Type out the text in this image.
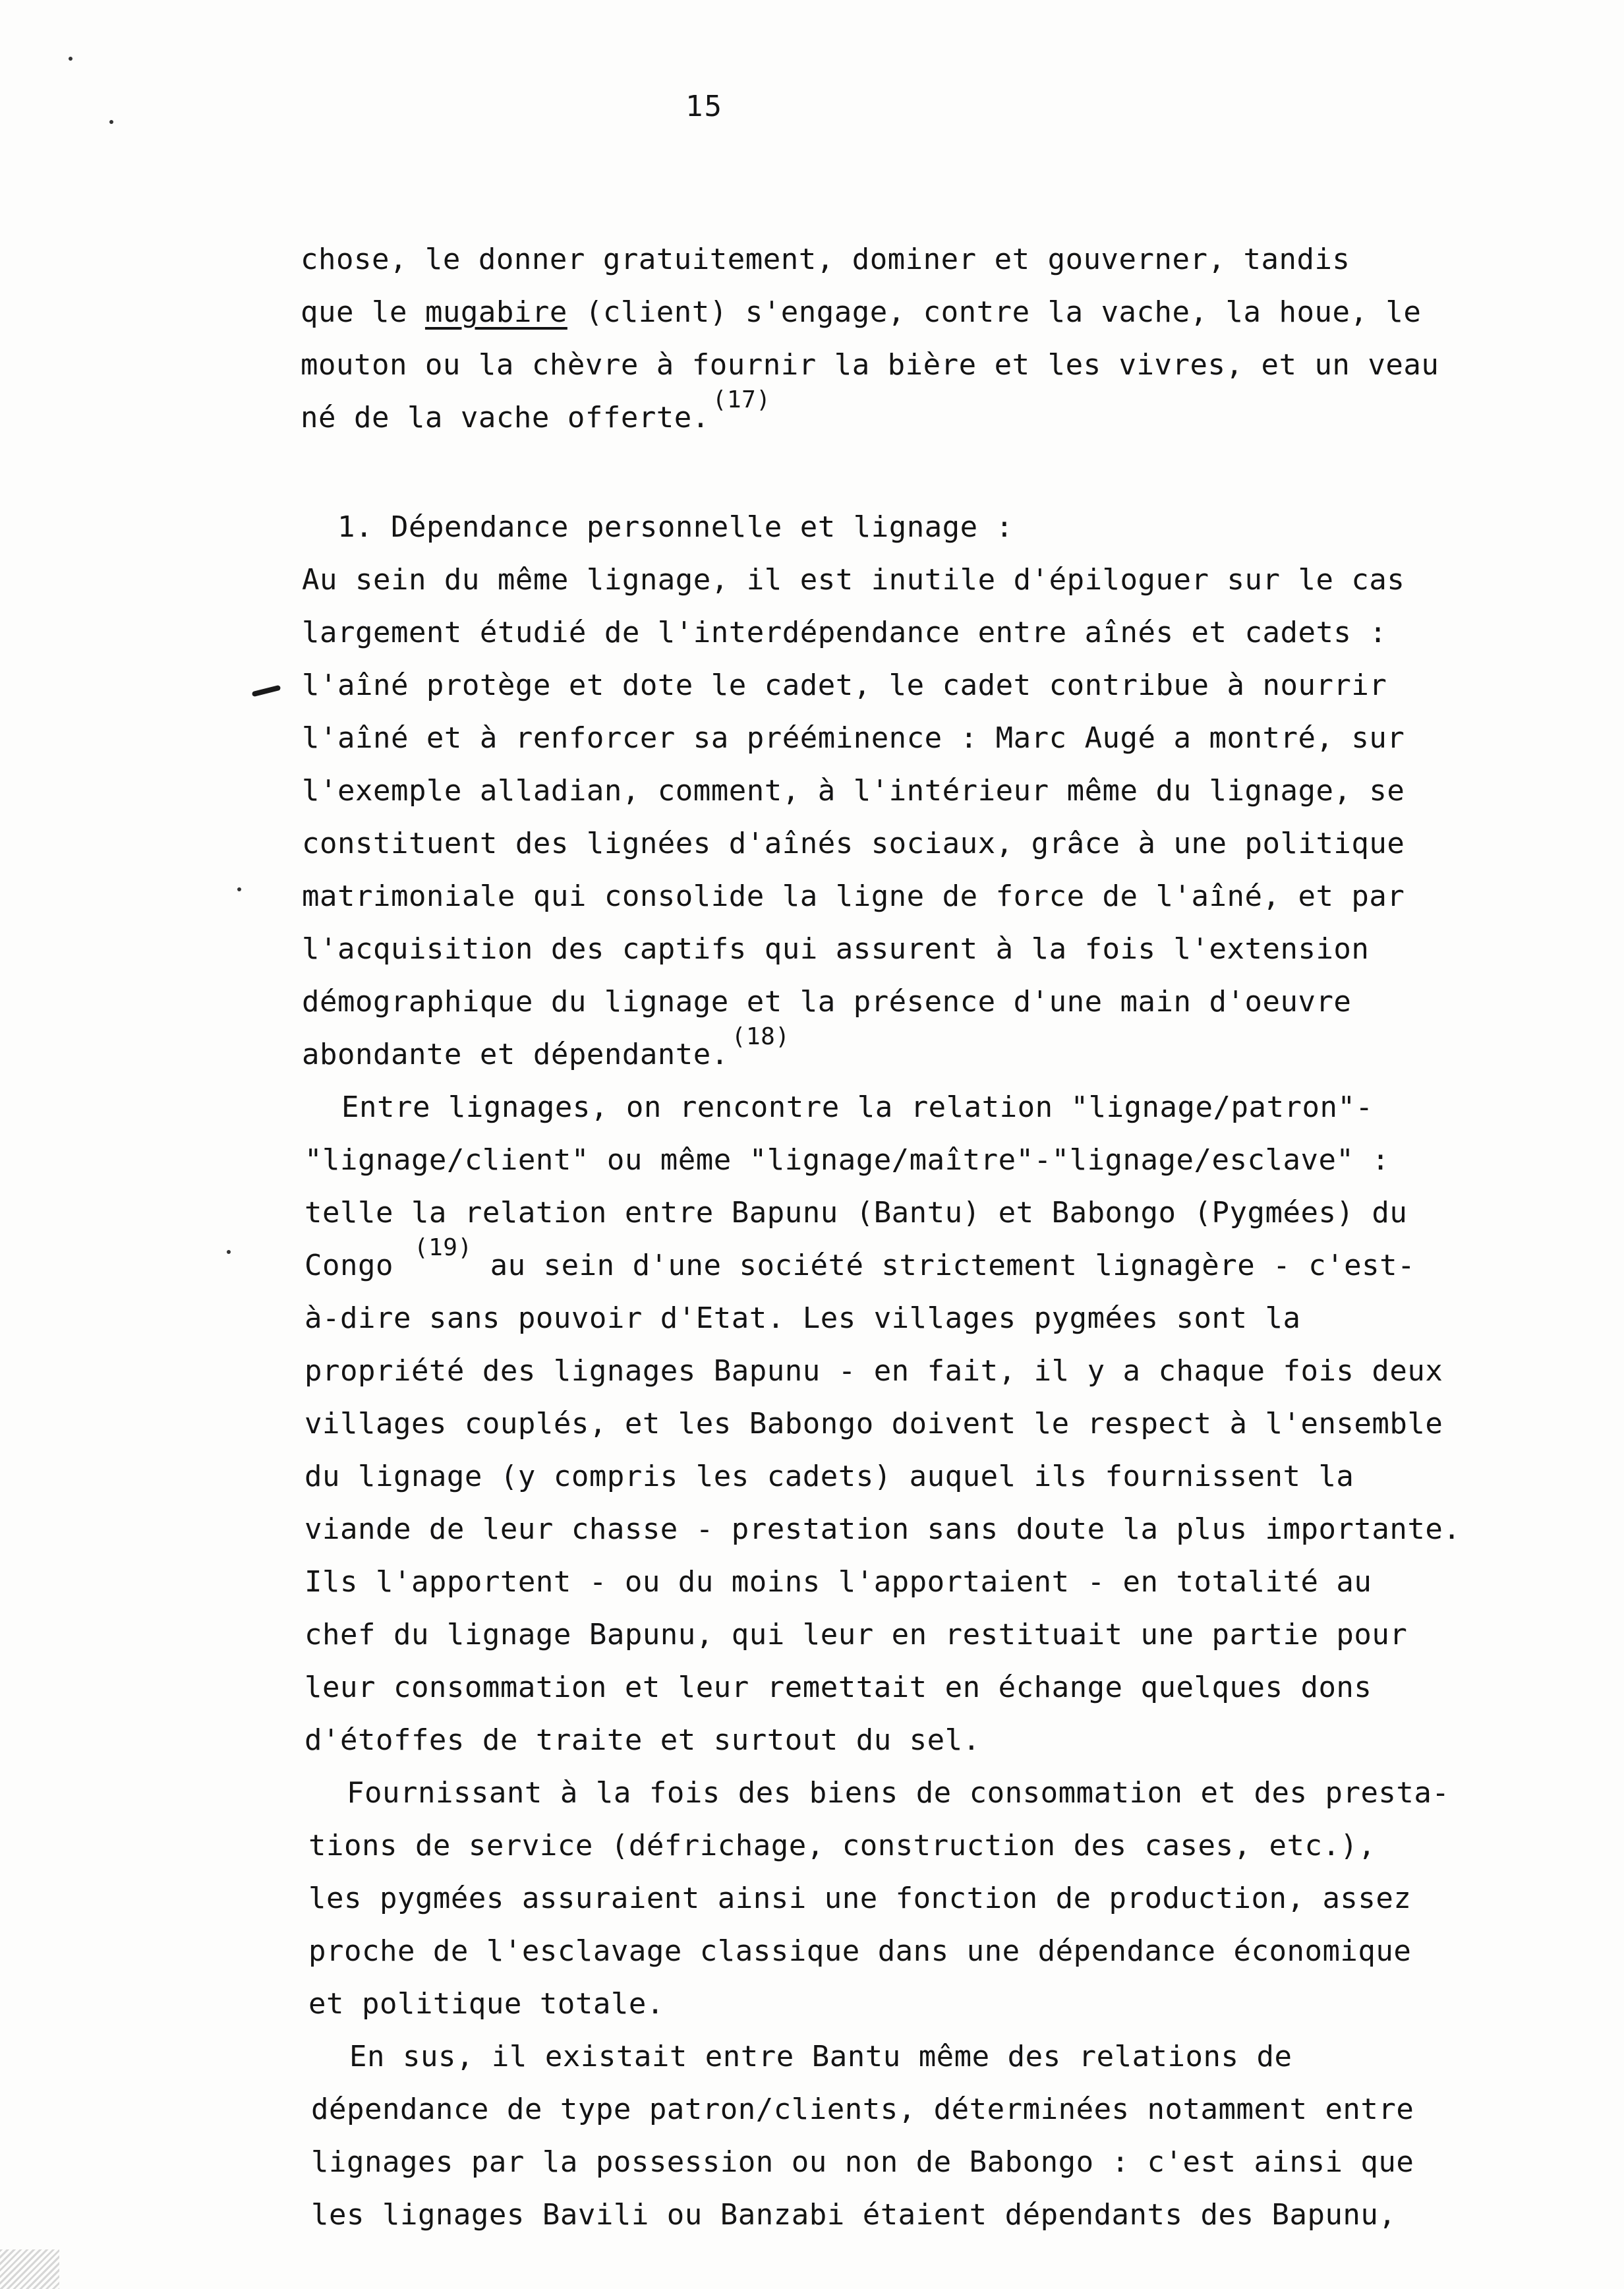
15
chose, le donner gratuitement, dominer et gouverner, tandis
que le mugabire (client) s'engage, contre la vache, la houe, le
mouton ou la chèvre à fournir la bière et les vivres, et un veau
né de la vache offerte.$^{(17)}$
1. Dépendance personnelle et lignage :
Au sein du même lignage, il est inutile d'épiloguer sur le cas
largement étudié de l'interdépendance entre aînés et cadets :
l'aîné protège et dote le cadet, le cadet contribue à nourrir
l'aîné et à renforcer sa prééminence : Marc Augé a montré, sur
l'exemple alladian, comment, à l'intérieur même du lignage, se
constituent des lignées d'aînés sociaux, grâce à une politique
matrimoniale qui consolide la ligne de force de l'aîné, et par
l'acquisition des captifs qui assurent à la fois l'extension
démographique du lignage et la présence d'une main d'oeuvre
abondante et dépendante.$^{(18)}$
Entre lignages, on rencontre la relation "lignage/patron"-
"lignage/client" ou même "lignage/maître"-"lignage/esclave" :
telle la relation entre Bapunu (Bantu) et Babongo (Pygmées) du
Congo $^{(19)}$ au sein d'une société strictement lignagère - c'est-
à-dire sans pouvoir d'Etat. Les villages pygmées sont la
propriété des lignages Bapunu - en fait, il y a chaque fois deux
villages couplés, et les Babongo doivent le respect à l'ensemble
du lignage (y compris les cadets) auquel ils fournissent la
viande de leur chasse - prestation sans doute la plus importante.
Ils l'apportent - ou du moins l'apportaient - en totalité au
chef du lignage Bapunu, qui leur en restituait une partie pour
leur consommation et leur remettait en échange quelques dons
d'étoffes de traite et surtout du sel.
Fournissant à la fois des biens de consommation et des presta-
tions de service (défrichage, construction des cases, etc.),
les pygmées assuraient ainsi une fonction de production, assez
proche de l'esclavage classique dans une dépendance économique
et politique totale.
En sus, il existait entre Bantu même des relations de
dépendance de type patron/clients, déterminées notamment entre
lignages par la possession ou non de Babongo : c'est ainsi que
les lignages Bavili ou Banzabi étaient dépendants des Bapunu,
